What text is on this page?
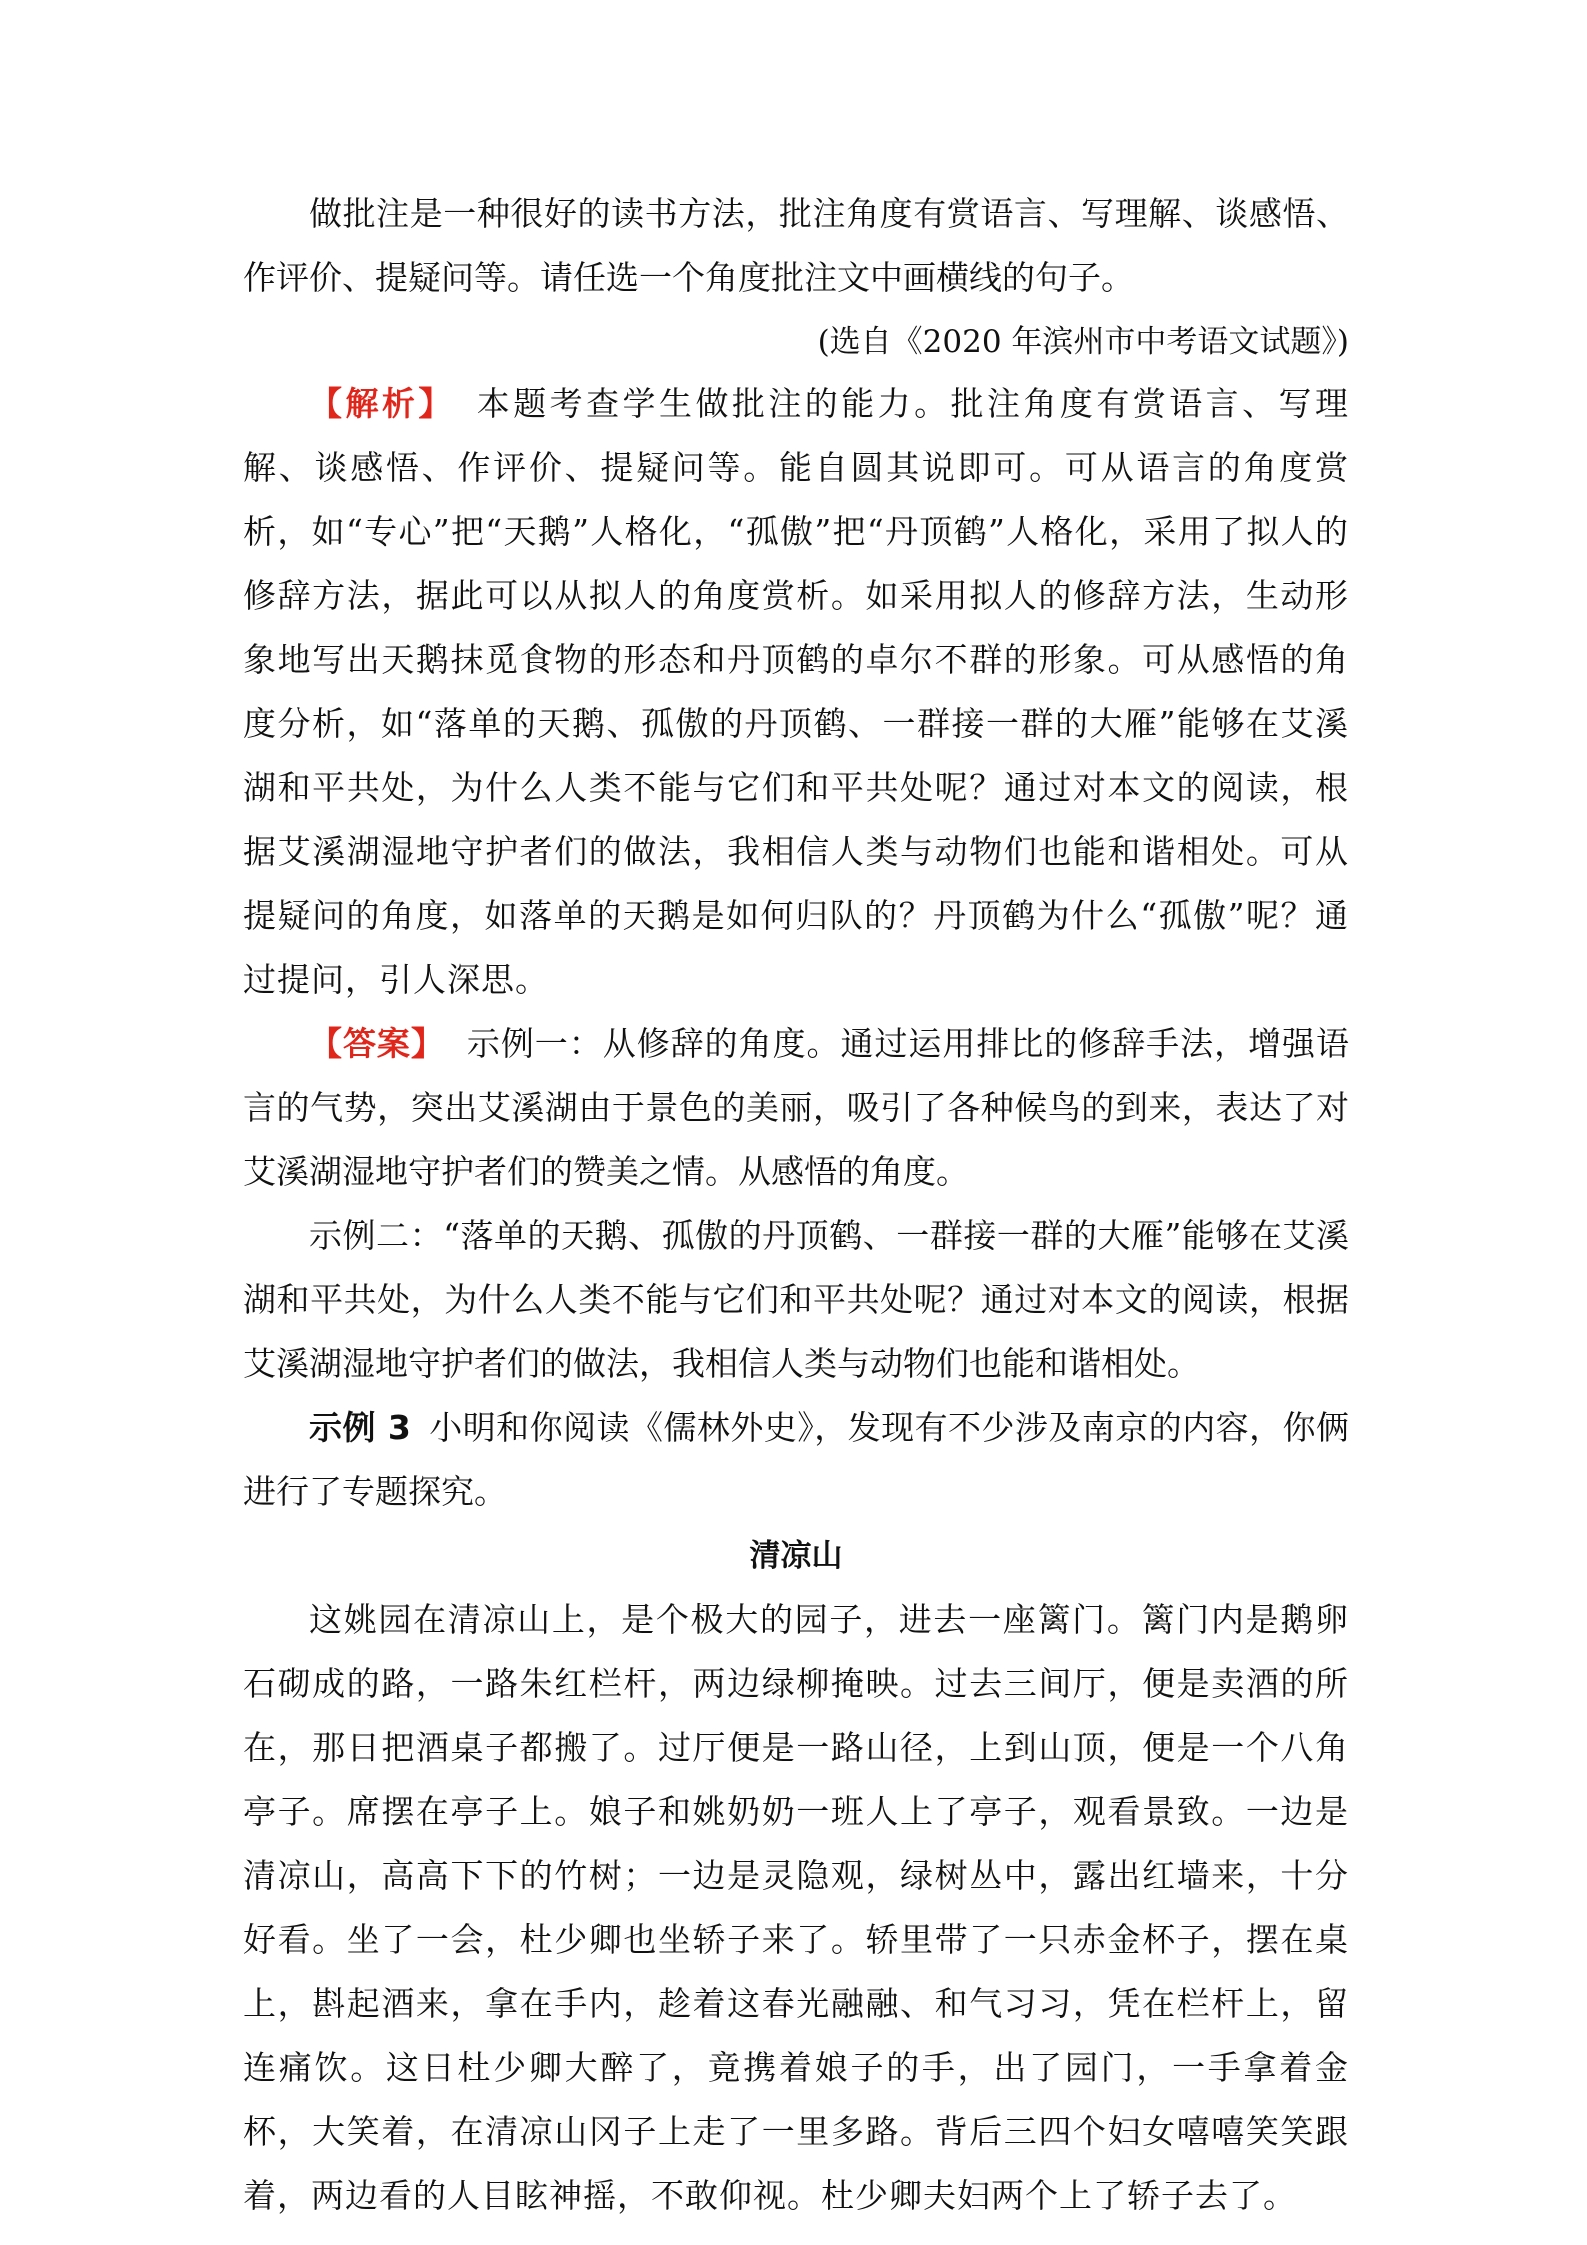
做批注是一种很好的读书方法，批注角度有赏语言、写理解、谈感悟、作评价、提疑问等。请任选一个角度批注文中画横线的句子。

(选自《2020 年滨州市中考语文试题》)

【解析】 本题考查学生做批注的能力。批注角度有赏语言、写理解、谈感悟、作评价、提疑问等。能自圆其说即可。可从语言的角度赏析，如“专心”把“天鹅”人格化，“孤傲”把“丹顶鹤”人格化，采用了拟人的修辞方法，据此可以从拟人的角度赏析。如采用拟人的修辞方法，生动形象地写出天鹅抹觅食物的形态和丹顶鹤的卓尔不群的形象。可从感悟的角度分析，如“落单的天鹅、孤傲的丹顶鹤、一群接一群的大雁”能够在艾溪湖和平共处，为什么人类不能与它们和平共处呢？通过对本文的阅读，根据艾溪湖湿地守护者们的做法，我相信人类与动物们也能和谐相处。可从提疑问的角度，如落单的天鹅是如何归队的？丹顶鹤为什么“孤傲”呢？通过提问，引人深思。

【答案】 示例一：从修辞的角度。通过运用排比的修辞手法，增强语言的气势，突出艾溪湖由于景色的美丽，吸引了各种候鸟的到来，表达了对艾溪湖湿地守护者们的赞美之情。从感悟的角度。

示例二：“落单的天鹅、孤傲的丹顶鹤、一群接一群的大雁”能够在艾溪湖和平共处，为什么人类不能与它们和平共处呢？通过对本文的阅读，根据艾溪湖湿地守护者们的做法，我相信人类与动物们也能和谐相处。

示例 3 小明和你阅读《儒林外史》，发现有不少涉及南京的内容，你俩进行了专题探究。

清凉山

这姚园在清凉山上，是个极大的园子，进去一座篱门。篱门内是鹅卵石砌成的路，一路朱红栏杆，两边绿柳掩映。过去三间厅，便是卖酒的所在，那日把酒桌子都搬了。过厅便是一路山径，上到山顶，便是一个八角亭子。席摆在亭子上。娘子和姚奶奶一班人上了亭子，观看景致。一边是清凉山，高高下下的竹树；一边是灵隐观，绿树丛中，露出红墙来，十分好看。坐了一会，杜少卿也坐轿子来了。轿里带了一只赤金杯子，摆在桌上，斟起酒来，拿在手内，趁着这春光融融、和气习习，凭在栏杆上，留连痛饮。这日杜少卿大醉了，竟携着娘子的手，出了园门，一手拿着金杯，大笑着，在清凉山冈子上走了一里多路。背后三四个妇女嘻嘻笑笑跟着，两边看的人目眩神摇，不敢仰视。杜少卿夫妇两个上了轿子去了。
